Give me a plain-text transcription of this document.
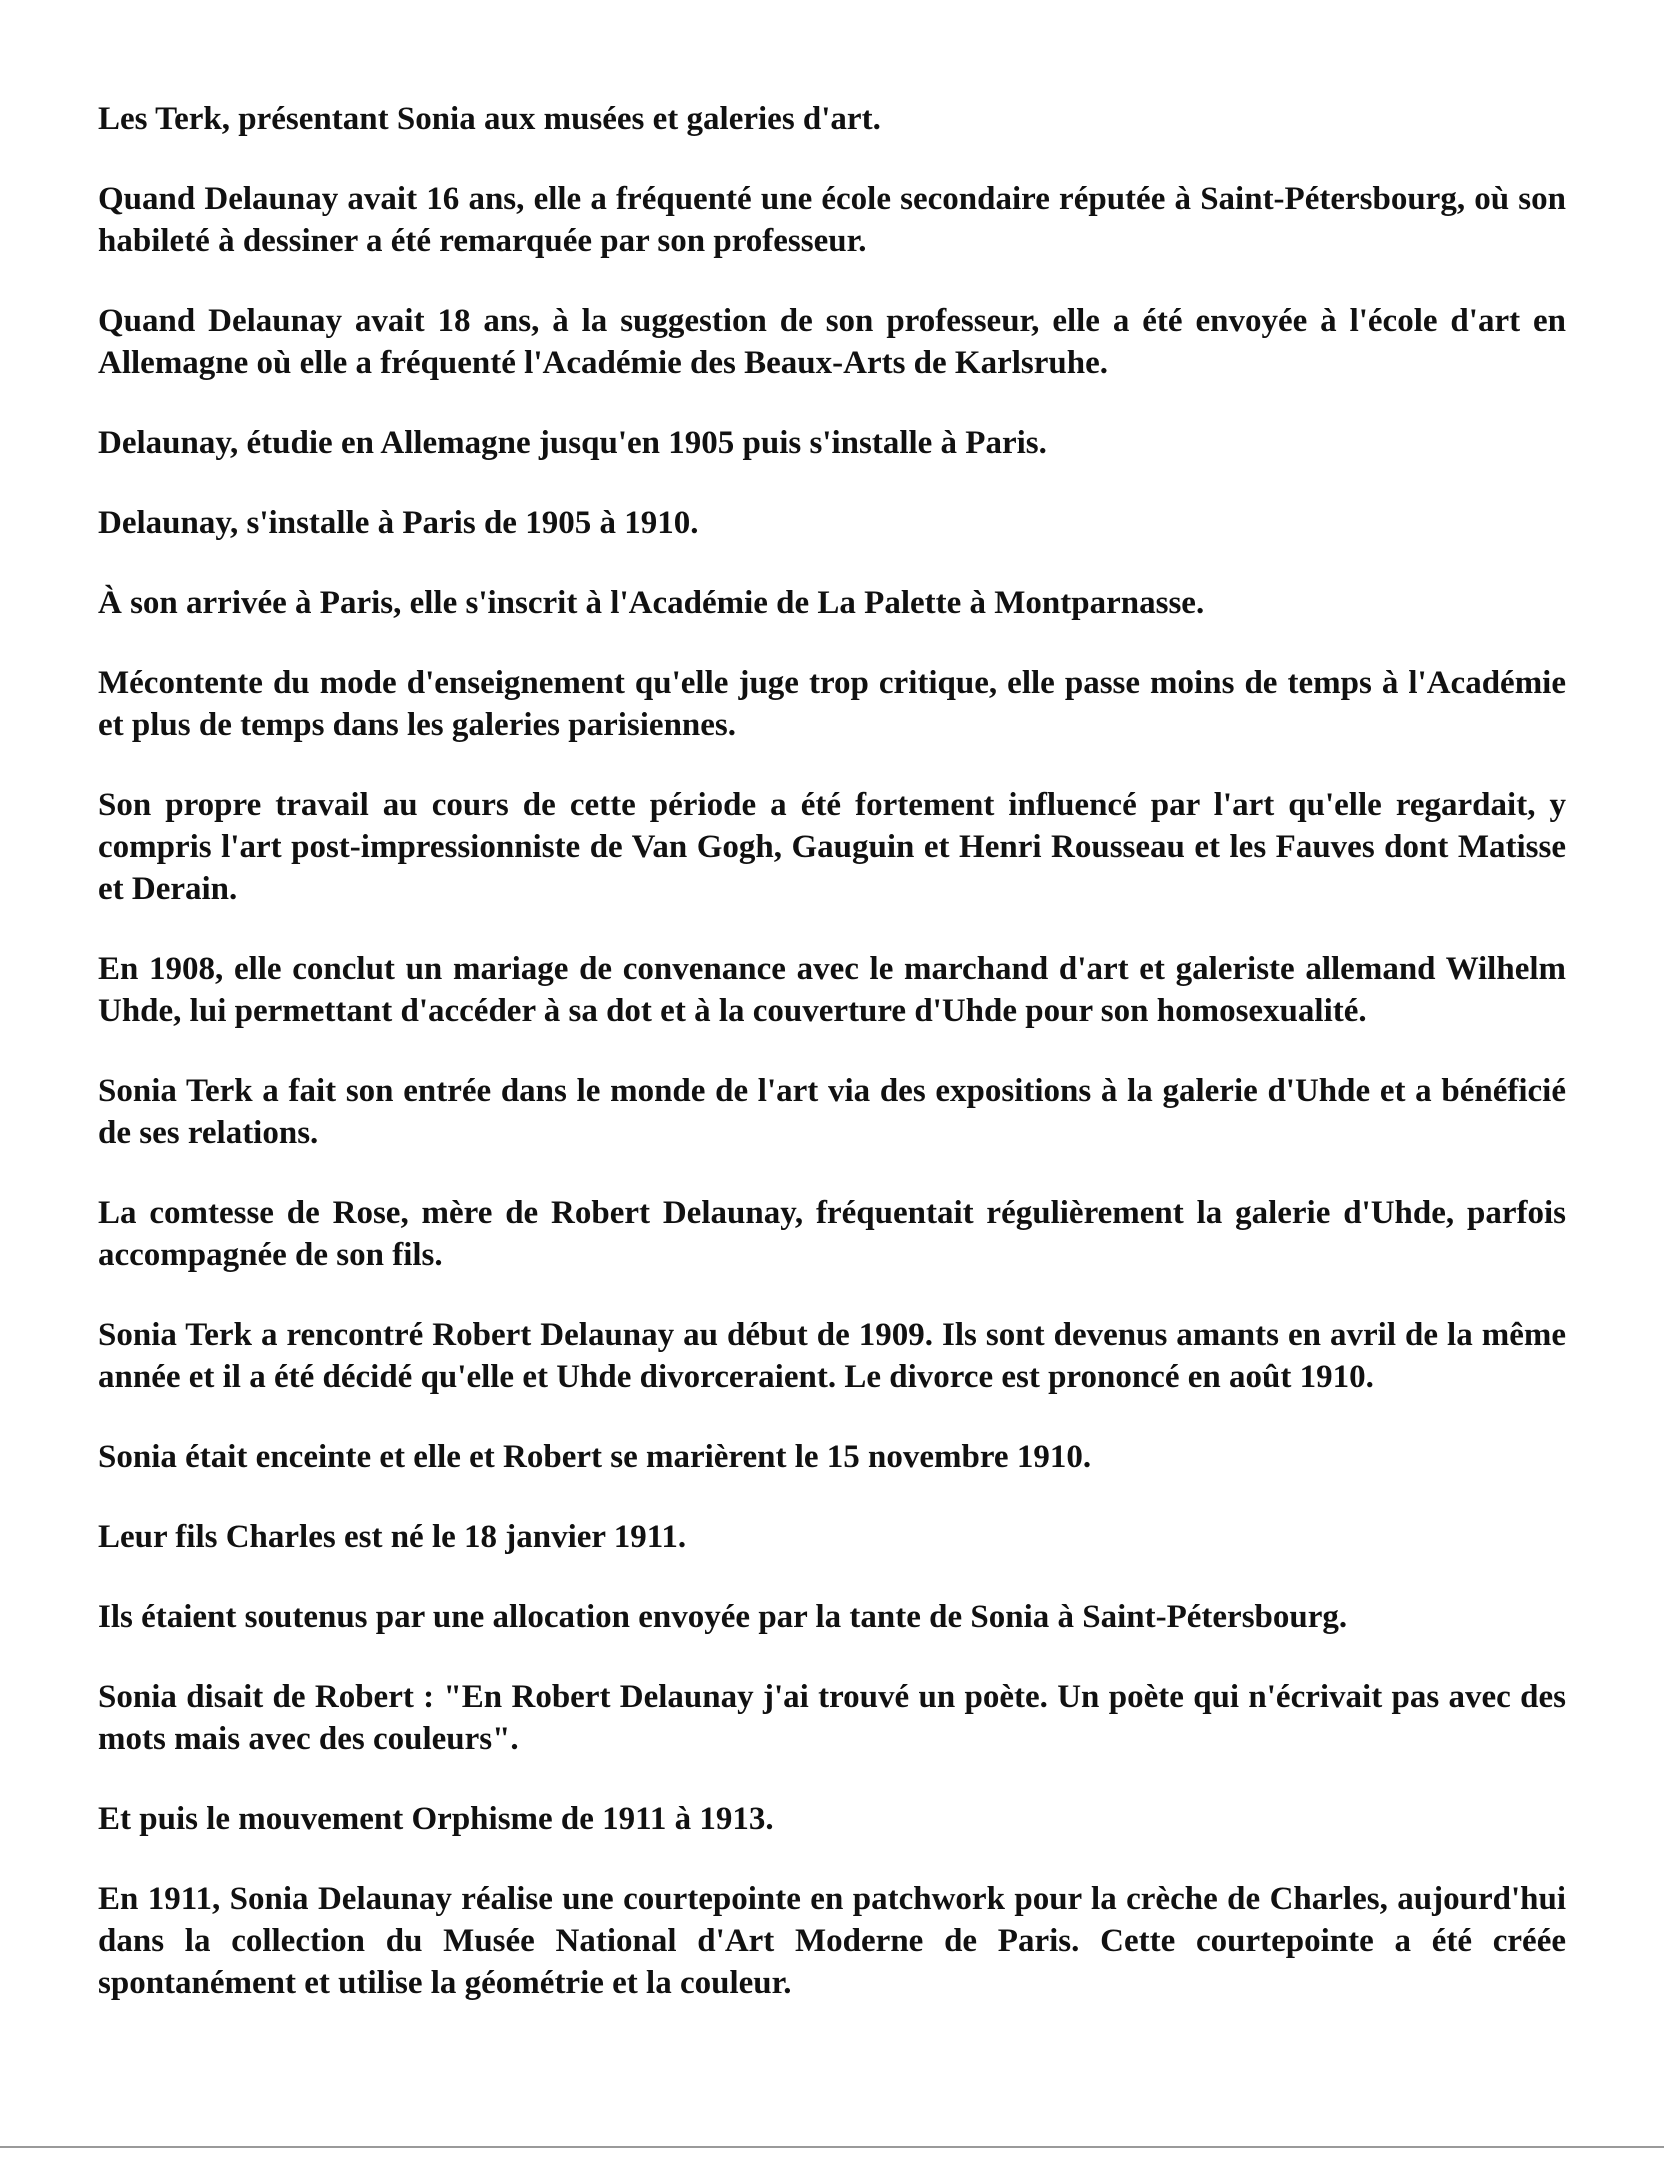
Les Terk, présentant Sonia aux musées et galeries d'art.

Quand Delaunay avait 16 ans, elle a fréquenté une école secondaire réputée à Saint-Pétersbourg, où son habileté à dessiner a été remarquée par son professeur.

Quand Delaunay avait 18 ans, à la suggestion de son professeur, elle a été envoyée à l'école d'art en Allemagne où elle a fréquenté l'Académie des Beaux-Arts de Karlsruhe.

Delaunay, étudie en Allemagne jusqu'en 1905 puis s'installe à Paris.

Delaunay, s'installe à Paris de 1905 à 1910.

À son arrivée à Paris, elle s'inscrit à l'Académie de La Palette à Montparnasse.

Mécontente du mode d'enseignement qu'elle juge trop critique, elle passe moins de temps à l'Académie et plus de temps dans les galeries parisiennes.

Son propre travail au cours de cette période a été fortement influencé par l'art qu'elle regardait, y compris l'art post-impressionniste de Van Gogh, Gauguin et Henri Rousseau et les Fauves dont Matisse et Derain.

En 1908, elle conclut un mariage de convenance avec le marchand d'art et galeriste allemand Wilhelm Uhde, lui permettant d'accéder à sa dot et à la couverture d'Uhde pour son homosexualité.

Sonia Terk a fait son entrée dans le monde de l'art via des expositions à la galerie d'Uhde et a bénéficié de ses relations.

La comtesse de Rose, mère de Robert Delaunay, fréquentait régulièrement la galerie d'Uhde, parfois accompagnée de son fils.

Sonia Terk a rencontré Robert Delaunay au début de 1909. Ils sont devenus amants en avril de la même année et il a été décidé qu'elle et Uhde divorceraient. Le divorce est prononcé en août 1910.

Sonia était enceinte et elle et Robert se marièrent le 15 novembre 1910.

Leur fils Charles est né le 18 janvier 1911.

Ils étaient soutenus par une allocation envoyée par la tante de Sonia à Saint-Pétersbourg.

Sonia disait de Robert : "En Robert Delaunay j'ai trouvé un poète. Un poète qui n'écrivait pas avec des mots mais avec des couleurs".

Et puis le mouvement Orphisme de 1911 à 1913.

En 1911, Sonia Delaunay réalise une courtepointe en patchwork pour la crèche de Charles, aujourd'hui dans la collection du Musée National d'Art Moderne de Paris. Cette courtepointe a été créée spontanément et utilise la géométrie et la couleur.
